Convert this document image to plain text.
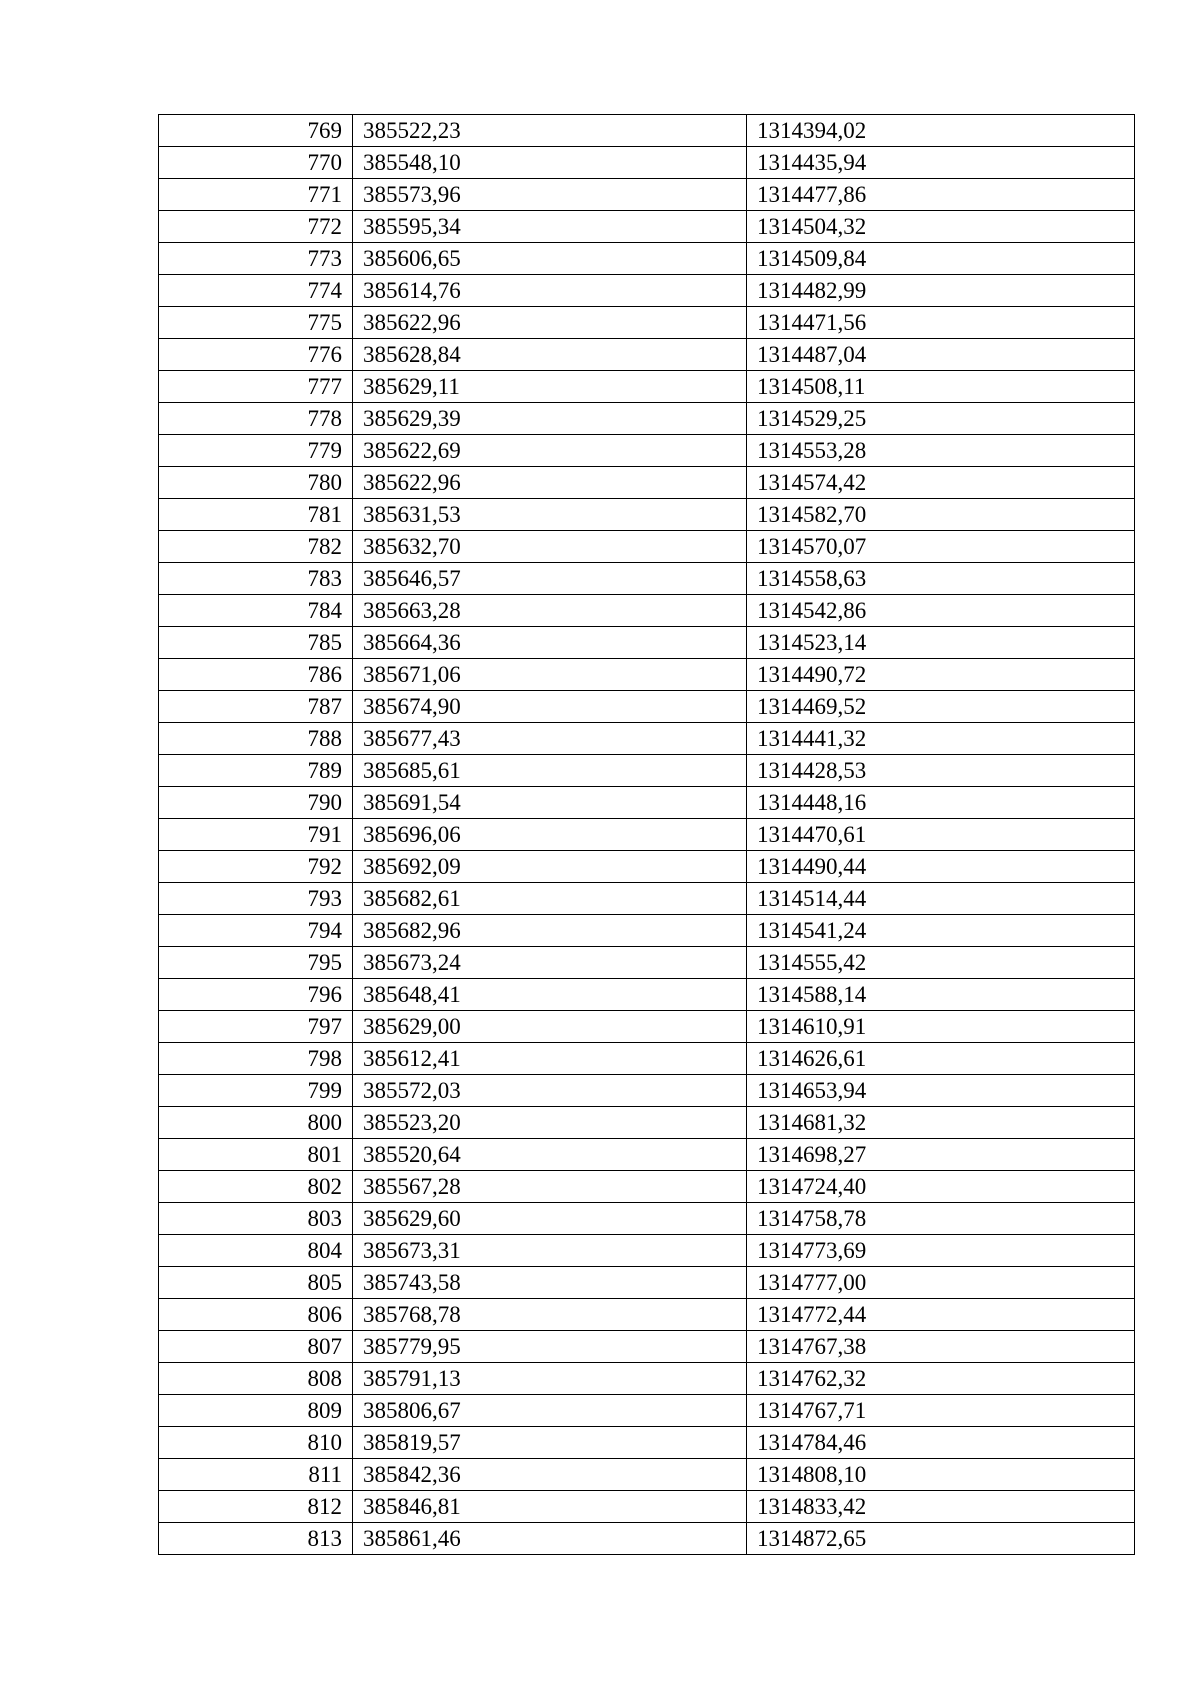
769	385522,23	1314394,02
770	385548,10	1314435,94
771	385573,96	1314477,86
772	385595,34	1314504,32
773	385606,65	1314509,84
774	385614,76	1314482,99
775	385622,96	1314471,56
776	385628,84	1314487,04
777	385629,11	1314508,11
778	385629,39	1314529,25
779	385622,69	1314553,28
780	385622,96	1314574,42
781	385631,53	1314582,70
782	385632,70	1314570,07
783	385646,57	1314558,63
784	385663,28	1314542,86
785	385664,36	1314523,14
786	385671,06	1314490,72
787	385674,90	1314469,52
788	385677,43	1314441,32
789	385685,61	1314428,53
790	385691,54	1314448,16
791	385696,06	1314470,61
792	385692,09	1314490,44
793	385682,61	1314514,44
794	385682,96	1314541,24
795	385673,24	1314555,42
796	385648,41	1314588,14
797	385629,00	1314610,91
798	385612,41	1314626,61
799	385572,03	1314653,94
800	385523,20	1314681,32
801	385520,64	1314698,27
802	385567,28	1314724,40
803	385629,60	1314758,78
804	385673,31	1314773,69
805	385743,58	1314777,00
806	385768,78	1314772,44
807	385779,95	1314767,38
808	385791,13	1314762,32
809	385806,67	1314767,71
810	385819,57	1314784,46
811	385842,36	1314808,10
812	385846,81	1314833,42
813	385861,46	1314872,65
